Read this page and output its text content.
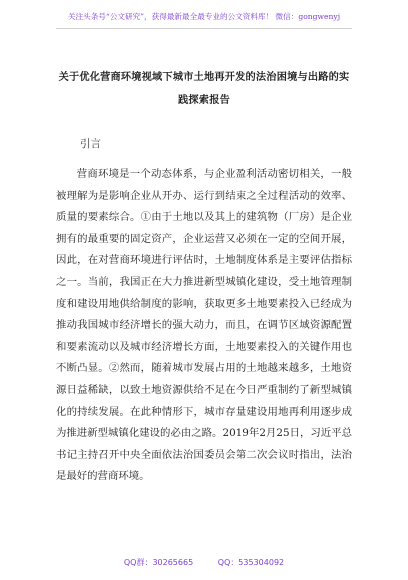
关注头条号“公文研究”，获得最新最全最专业的公文资料库！ 微信：gongwenyj
关于优化营商环境视域下城市土地再开发的法治困境与出路的实践探索报告
引言

营商环境是一个动态体系，与企业盈利活动密切相关，一般被理解为是影响企业从开办、运行到结束之全过程活动的效率、质量的要素综合。①由于土地以及其上的建筑物（厂房）是企业拥有的最重要的固定资产，企业运营又必须在一定的空间开展，因此，在对营商环境进行评估时，土地制度体系是主要评估指标之一。当前，我国正在大力推进新型城镇化建设，受土地管理制度和建设用地供给制度的影响，获取更多土地要素投入已经成为推动我国城市经济增长的强大动力，而且，在调节区域资源配置和要素流动以及城市经济增长方面，土地要素投入的关键作用也不断凸显。②然而，随着城市发展占用的土地越来越多，土地资源日益稀缺，以致土地资源供给不足在今日严重制约了新型城镇化的持续发展。在此种情形下，城市存量建设用地再利用逐步成为推进新型城镇化建设的必由之路。2019年2月25日，习近平总书记主持召开中央全面依法治国委员会第二次会议时指出，法治是最好的营商环境。

QQ群：30265665	QQ：535304092
